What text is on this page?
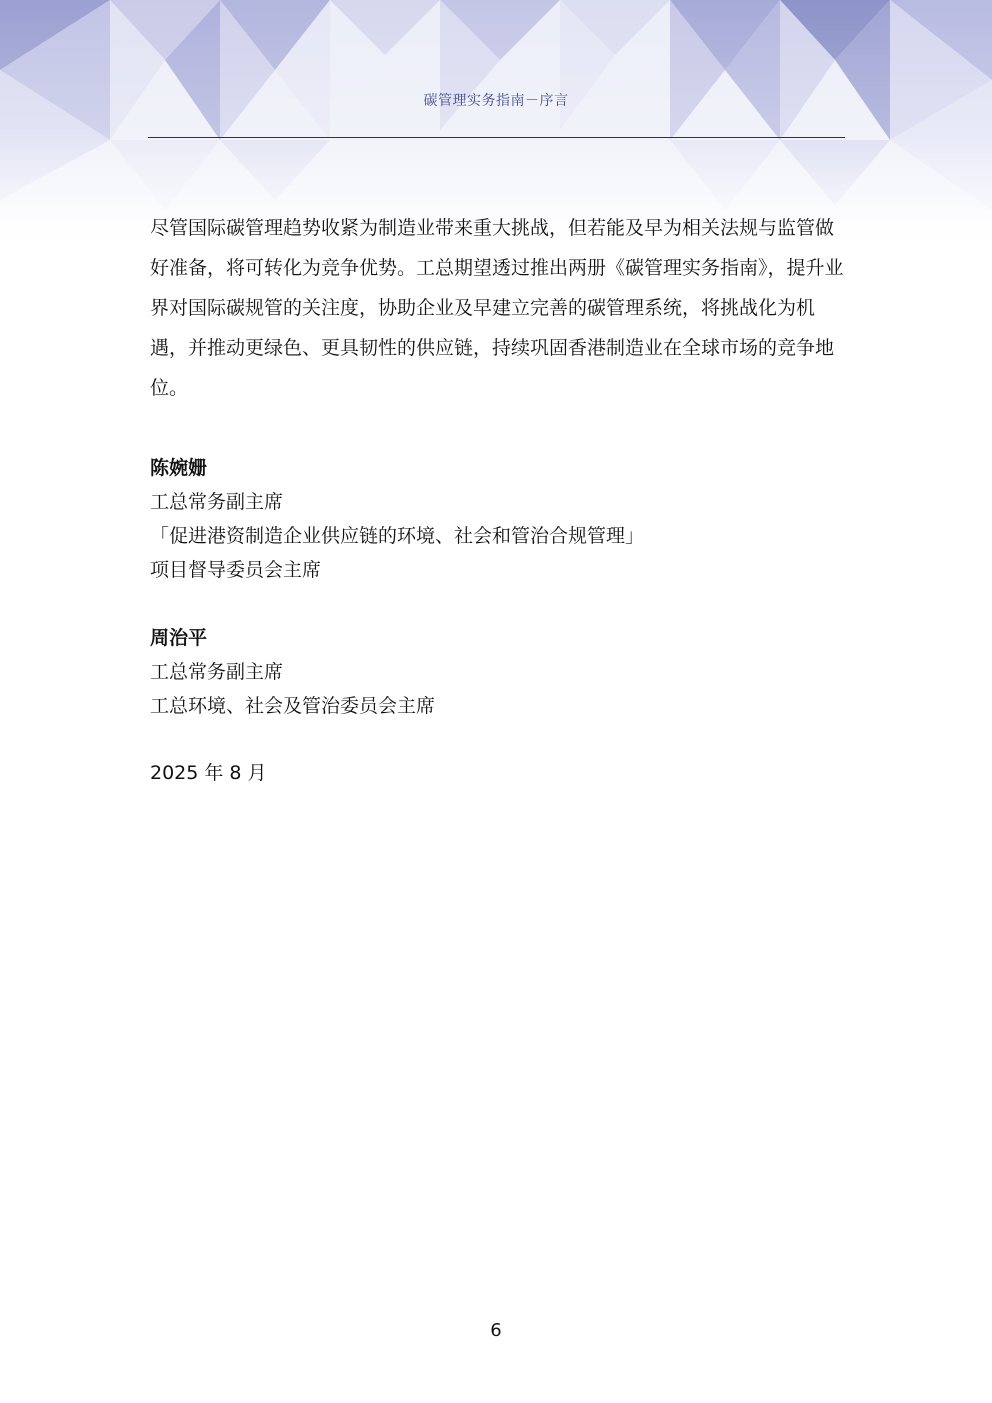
碳管理实务指南－序言

尽管国际碳管理趋势收紧为制造业带来重大挑战，但若能及早为相关法规与监管做好准备，将可转化为竞争优势。工总期望透过推出两册《碳管理实务指南》，提升业界对国际碳规管的关注度，协助企业及早建立完善的碳管理系统，将挑战化为机遇，并推动更绿色、更具韧性的供应链，持续巩固香港制造业在全球市场的竞争地位。

陈婉姗

工总常务副主席

「促进港资制造企业供应链的环境、社会和管治合规管理」

项目督导委员会主席

周治平

工总常务副主席

工总环境、社会及管治委员会主席

2025 年 8 月

6
